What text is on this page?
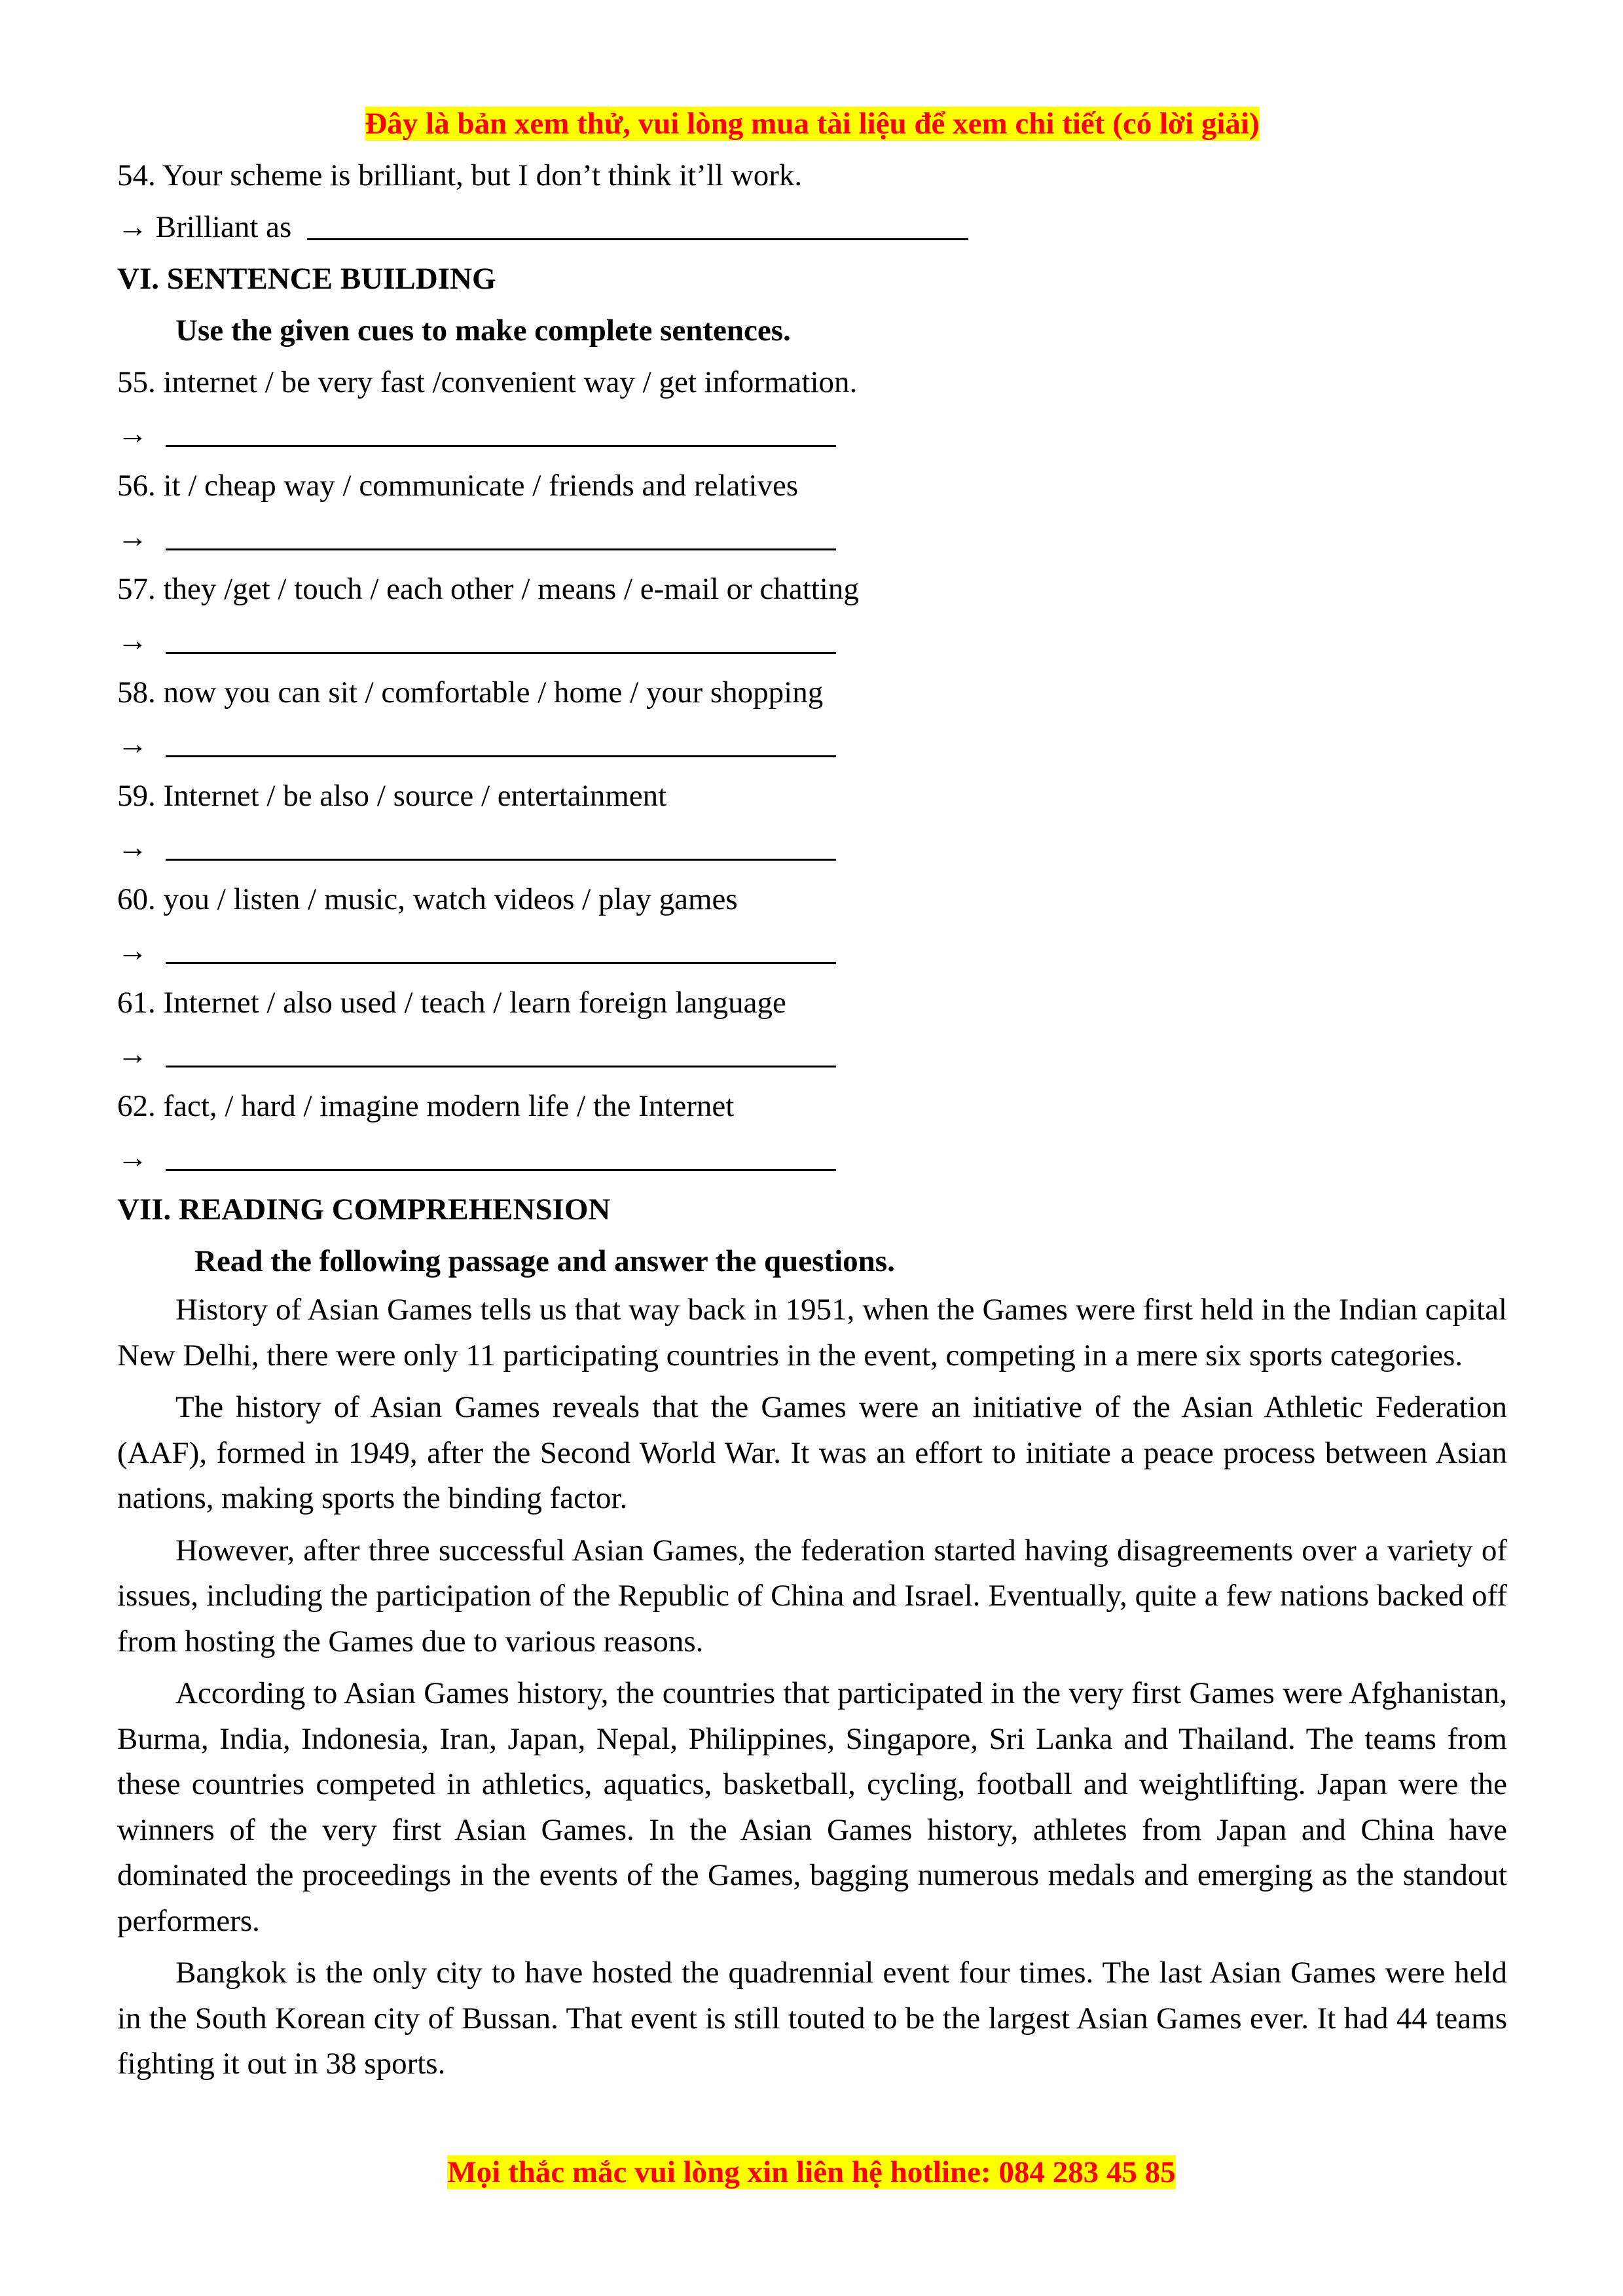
Đây là bản xem thử, vui lòng mua tài liệu để xem chi tiết (có lời giải)
54. Your scheme is brilliant, but I don’t think it’ll work.
→ Brilliant as
VI. SENTENCE BUILDING
Use the given cues to make complete sentences.
55. internet / be very fast /convenient way / get information.
→
56. it / cheap way / communicate / friends and relatives
→
57. they /get / touch / each other / means / e-mail or chatting
→
58. now you can sit / comfortable / home / your shopping
→
59. Internet / be also / source / entertainment
→
60. you / listen / music, watch videos / play games
→
61. Internet / also used / teach / learn foreign language
→
62. fact, / hard / imagine modern life / the Internet
→
VII. READING COMPREHENSION
Read the following passage and answer the questions.

History of Asian Games tells us that way back in 1951, when the Games were first held in the Indian capital New Delhi, there were only 11 participating countries in the event, competing in a mere six sports categories.

The history of Asian Games reveals that the Games were an initiative of the Asian Athletic Federation (AAF), formed in 1949, after the Second World War. It was an effort to initiate a peace process between Asian nations, making sports the binding factor.

However, after three successful Asian Games, the federation started having disagreements over a variety of issues, including the participation of the Republic of China and Israel. Eventually, quite a few nations backed off from hosting the Games due to various reasons.

According to Asian Games history, the countries that participated in the very first Games were Afghanistan, Burma, India, Indonesia, Iran, Japan, Nepal, Philippines, Singapore, Sri Lanka and Thailand. The teams from these countries competed in athletics, aquatics, basketball, cycling, football and weightlifting. Japan were the winners of the very first Asian Games. In the Asian Games history, athletes from Japan and China have dominated the proceedings in the events of the Games, bagging numerous medals and emerging as the standout performers.

Bangkok is the only city to have hosted the quadrennial event four times. The last Asian Games were held in the South Korean city of Bussan. That event is still touted to be the largest Asian Games ever. It had 44 teams fighting it out in 38 sports.

Mọi thắc mắc vui lòng xin liên hệ hotline: 084 283 45 85
